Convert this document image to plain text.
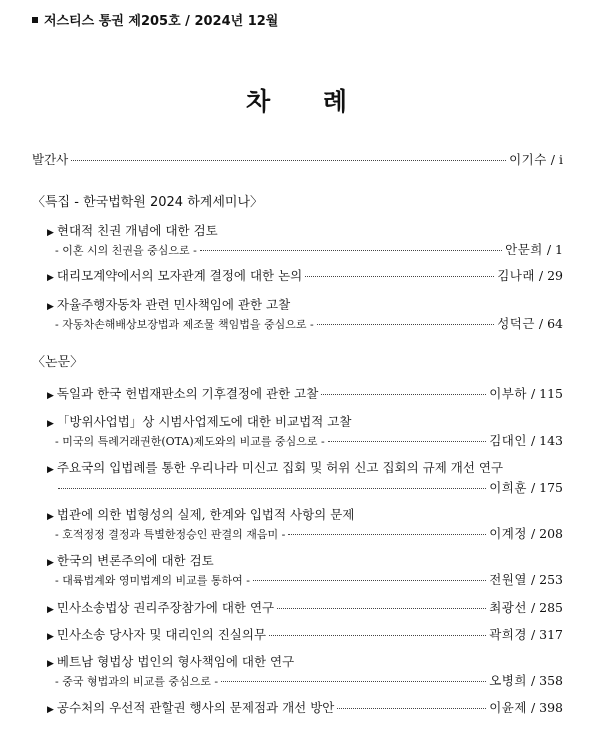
저스티스 통권 제205호 / 2024년 12월
차 례
발간사	이기수 / i
〈특집 - 한국법학원 2024 하계세미나〉
▶ 현대적 친권 개념에 대한 검토
- 이혼 시의 친권을 중심으로 -	안문희 / 1
▶ 대리모계약에서의 모자관계 결정에 대한 논의	김나래 / 29
▶ 자율주행자동차 관련 민사책임에 관한 고찰
- 자동차손해배상보장법과 제조물 책임법을 중심으로 -	성덕근 / 64
〈논문〉
▶ 독일과 한국 헌법재판소의 기후결정에 관한 고찰	이부하 / 115
▶ 「방위사업법」상 시범사업제도에 대한 비교법적 고찰
- 미국의 특례거래권한(OTA)제도와의 비교를 중심으로 -	김대인 / 143
▶ 주요국의 입법례를 통한 우리나라 미신고 집회 및 허위 신고 집회의 규제 개선 연구
이희훈 / 175
▶ 법관에 의한 법형성의 실제, 한계와 입법적 사항의 문제
- 호적정정 결정과 특별한정승인 판결의 재음미 -	이계정 / 208
▶ 한국의 변론주의에 대한 검토
- 대륙법계와 영미법계의 비교를 통하여 -	전원열 / 253
▶ 민사소송법상 권리주장참가에 대한 연구	최광선 / 285
▶ 민사소송 당사자 및 대리인의 진실의무	곽희경 / 317
▶ 베트남 형법상 법인의 형사책임에 대한 연구
- 중국 형법과의 비교를 중심으로 -	오병희 / 358
▶ 공수처의 우선적 관할권 행사의 문제점과 개선 방안	이윤제 / 398
